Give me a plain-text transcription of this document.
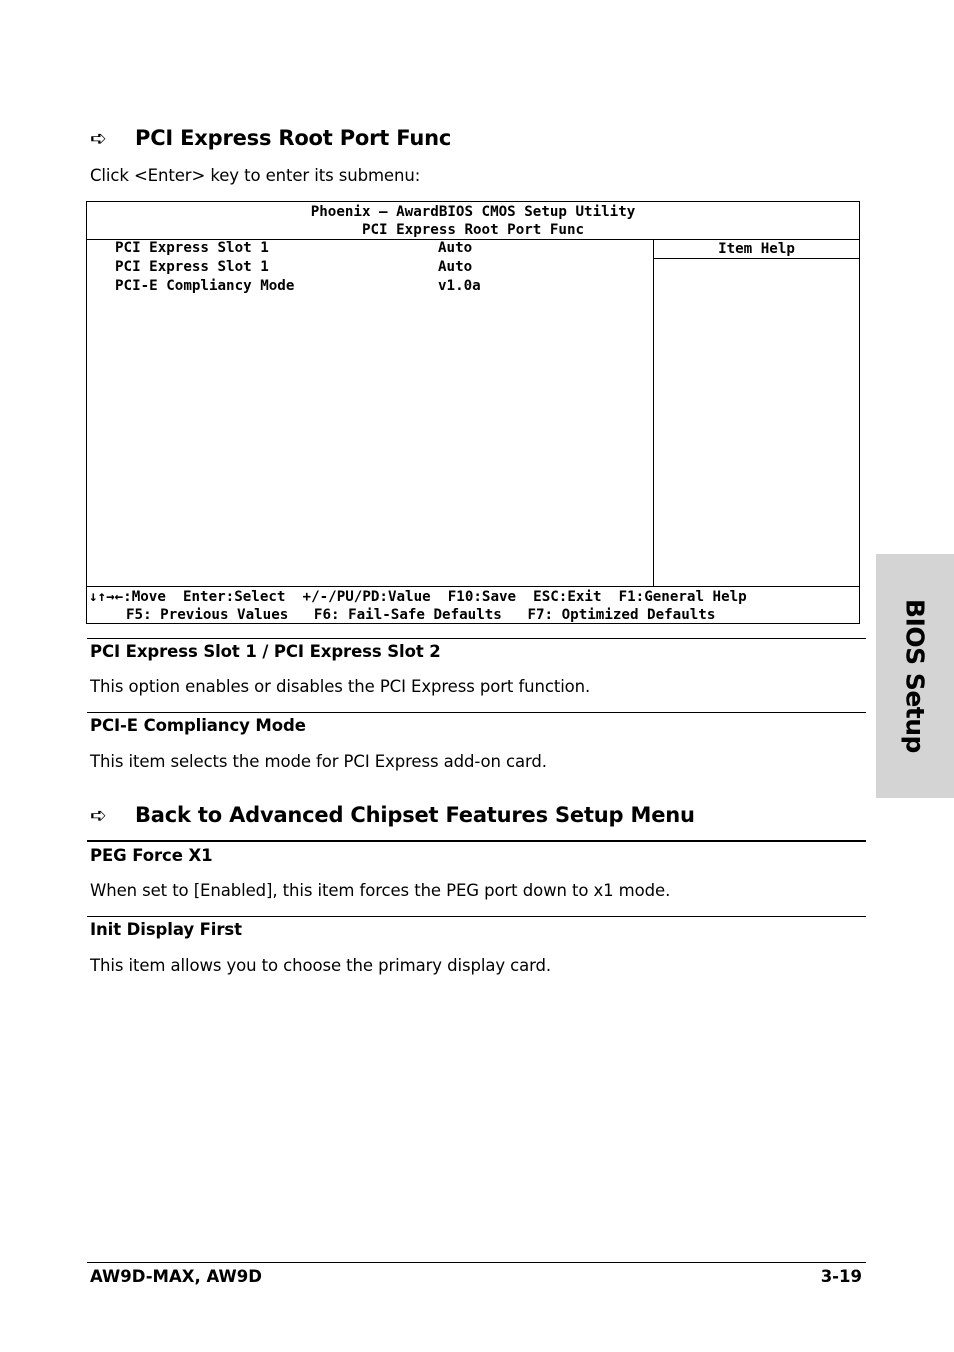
BIOS Setup
➪	PCI Express Root Port Func
Click <Enter> key to enter its submenu:
Phoenix – AwardBIOS CMOS Setup Utility
PCI Express Root Port Func
Item Help
PCI Express Slot 1	Auto
PCI Express Slot 1	Auto
PCI-E Compliancy Mode	v1.0a
↓↑→←:Move  Enter:Select  +/-/PU/PD:Value  F10:Save  ESC:Exit  F1:General Help
F5: Previous Values   F6: Fail-Safe Defaults   F7: Optimized Defaults
PCI Express Slot 1 / PCI Express Slot 2
This option enables or disables the PCI Express port function.
PCI-E Compliancy Mode
This item selects the mode for PCI Express add-on card.
➪	Back to Advanced Chipset Features Setup Menu
PEG Force X1
When set to [Enabled], this item forces the PEG port down to x1 mode.
Init Display First
This item allows you to choose the primary display card.
AW9D-MAX, AW9D	3-19
